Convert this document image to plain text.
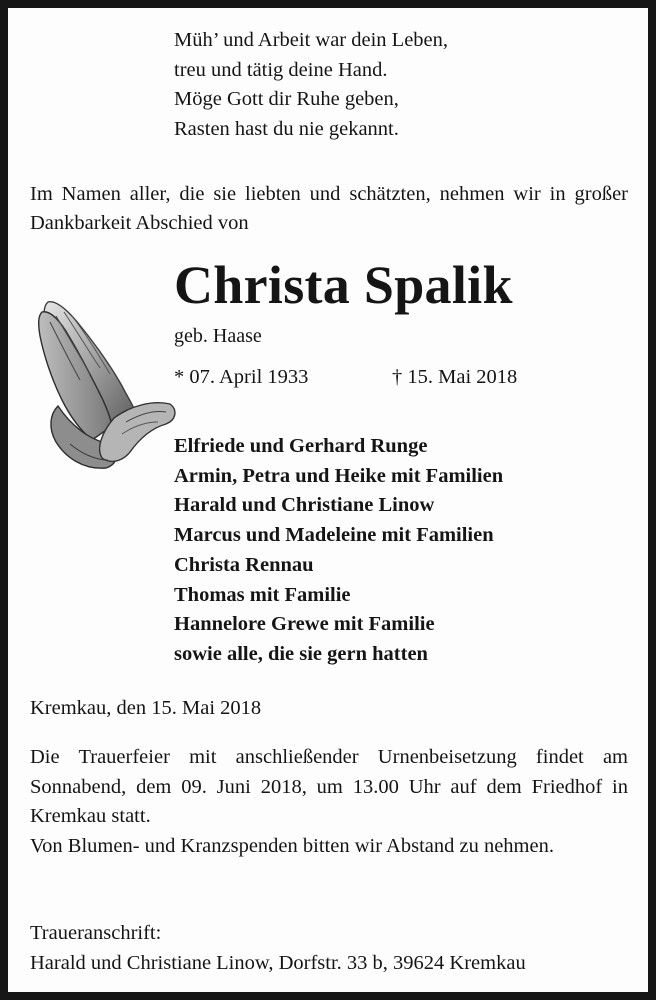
Müh’ und Arbeit war dein Leben,
treu und tätig deine Hand.
Möge Gott dir Ruhe geben,
Rasten hast du nie gekannt.
Im Namen aller, die sie liebten und schätzten, nehmen wir in großer Dankbarkeit Abschied von
Christa Spalik
geb. Haase
* 07. April 1933	† 15. Mai 2018
Elfriede und Gerhard Runge
Armin, Petra und Heike mit Familien
Harald und Christiane Linow
Marcus und Madeleine mit Familien
Christa Rennau
Thomas mit Familie
Hannelore Grewe mit Familie
sowie alle, die sie gern hatten
Kremkau, den 15. Mai 2018

Die Trauerfeier mit anschließender Urnenbeisetzung findet am Sonnabend, dem 09. Juni 2018, um 13.00 Uhr auf dem Friedhof in Kremkau statt.

Von Blumen- und Kranzspenden bitten wir Abstand zu nehmen.

Traueranschrift:
Harald und Christiane Linow, Dorfstr. 33 b, 39624 Kremkau
